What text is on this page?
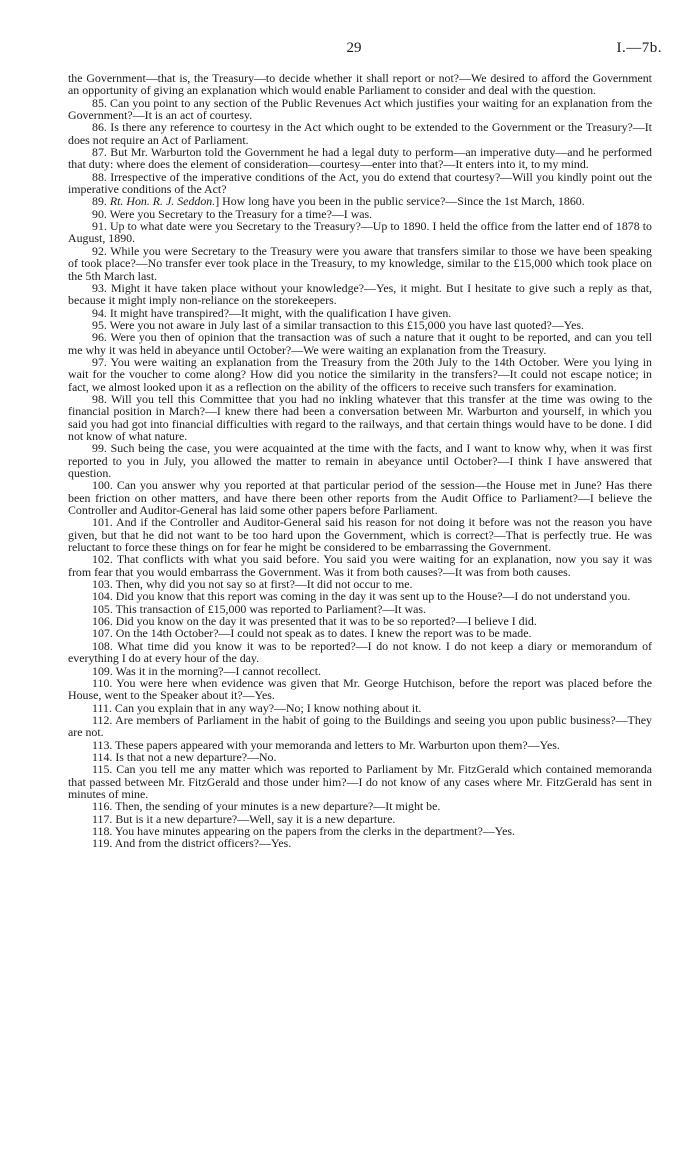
29	I.—7b.

the Government—that is, the Treasury—to decide whether it shall report or not?—We desired to afford the Government an opportunity of giving an explanation which would enable Parliament to consider and deal with the question.

85. Can you point to any section of the Public Revenues Act which justifies your waiting for an explanation from the Government?—It is an act of courtesy.

86. Is there any reference to courtesy in the Act which ought to be extended to the Government or the Treasury?—It does not require an Act of Parliament.

87. But Mr. Warburton told the Government he had a legal duty to perform—an imperative duty—and he performed that duty: where does the element of consideration—courtesy—enter into that?—It enters into it, to my mind.

88. Irrespective of the imperative conditions of the Act, you do extend that courtesy?—Will you kindly point out the imperative conditions of the Act?

89. Rt. Hon. R. J. Seddon.] How long have you been in the public service?—Since the 1st March, 1860.

90. Were you Secretary to the Treasury for a time?—I was.

91. Up to what date were you Secretary to the Treasury?—Up to 1890. I held the office from the latter end of 1878 to August, 1890.

92. While you were Secretary to the Treasury were you aware that transfers similar to those we have been speaking of took place?—No transfer ever took place in the Treasury, to my knowledge, similar to the £15,000 which took place on the 5th March last.

93. Might it have taken place without your knowledge?—Yes, it might. But I hesitate to give such a reply as that, because it might imply non-reliance on the storekeepers.

94. It might have transpired?—It might, with the qualification I have given.

95. Were you not aware in July last of a similar transaction to this £15,000 you have last quoted?—Yes.

96. Were you then of opinion that the transaction was of such a nature that it ought to be reported, and can you tell me why it was held in abeyance until October?—We were waiting an explanation from the Treasury.

97. You were waiting an explanation from the Treasury from the 20th July to the 14th October. Were you lying in wait for the voucher to come along? How did you notice the similarity in the transfers?—It could not escape notice; in fact, we almost looked upon it as a reflection on the ability of the officers to receive such transfers for examination.

98. Will you tell this Committee that you had no inkling whatever that this transfer at the time was owing to the financial position in March?—I knew there had been a conversation between Mr. Warburton and yourself, in which you said you had got into financial difficulties with regard to the railways, and that certain things would have to be done. I did not know of what nature.

99. Such being the case, you were acquainted at the time with the facts, and I want to know why, when it was first reported to you in July, you allowed the matter to remain in abeyance until October?—I think I have answered that question.

100. Can you answer why you reported at that particular period of the session—the House met in June? Has there been friction on other matters, and have there been other reports from the Audit Office to Parliament?—I believe the Controller and Auditor-General has laid some other papers before Parliament.

101. And if the Controller and Auditor-General said his reason for not doing it before was not the reason you have given, but that he did not want to be too hard upon the Government, which is correct?—That is perfectly true. He was reluctant to force these things on for fear he might be considered to be embarrassing the Government.

102. That conflicts with what you said before. You said you were waiting for an explanation, now you say it was from fear that you would embarrass the Government. Was it from both causes?—It was from both causes.

103. Then, why did you not say so at first?—It did not occur to me.

104. Did you know that this report was coming in the day it was sent up to the House?—I do not understand you.

105. This transaction of £15,000 was reported to Parliament?—It was.

106. Did you know on the day it was presented that it was to be so reported?—I believe I did.

107. On the 14th October?—I could not speak as to dates. I knew the report was to be made.

108. What time did you know it was to be reported?—I do not know. I do not keep a diary or memorandum of everything I do at every hour of the day.

109. Was it in the morning?—I cannot recollect.

110. You were here when evidence was given that Mr. George Hutchison, before the report was placed before the House, went to the Speaker about it?—Yes.

111. Can you explain that in any way?—No; I know nothing about it.

112. Are members of Parliament in the habit of going to the Buildings and seeing you upon public business?—They are not.

113. These papers appeared with your memoranda and letters to Mr. Warburton upon them?—Yes.

114. Is that not a new departure?—No.

115. Can you tell me any matter which was reported to Parliament by Mr. FitzGerald which contained memoranda that passed between Mr. FitzGerald and those under him?—I do not know of any cases where Mr. FitzGerald has sent in minutes of mine.

116. Then, the sending of your minutes is a new departure?—It might be.

117. But is it a new departure?—Well, say it is a new departure.

118. You have minutes appearing on the papers from the clerks in the department?—Yes.

119. And from the district officers?—Yes.
